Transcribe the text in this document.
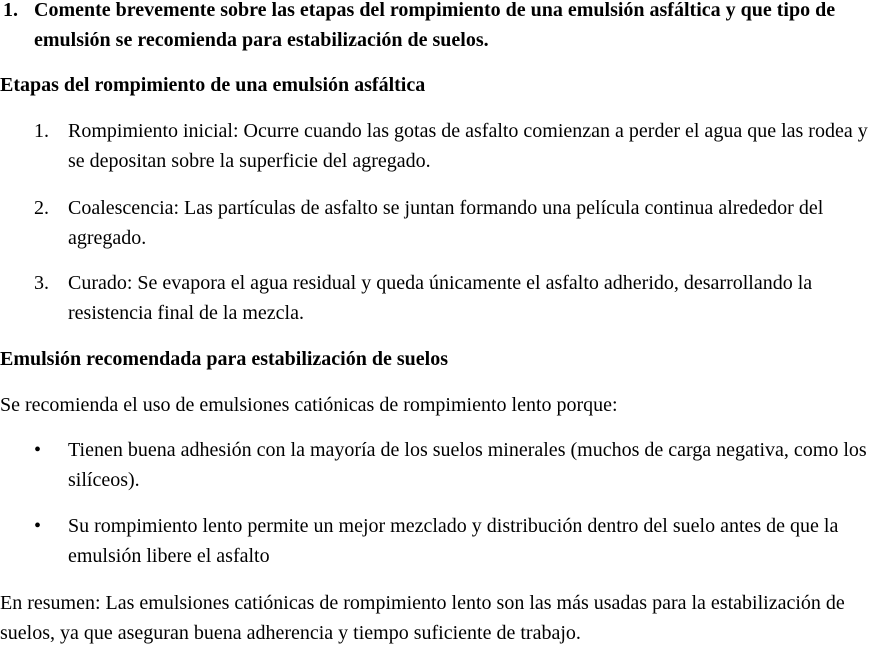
1. Comente brevemente sobre las etapas del rompimiento de una emulsión asfáltica y que tipo de emulsión se recomienda para estabilización de suelos.
Etapas del rompimiento de una emulsión asfáltica
1. Rompimiento inicial: Ocurre cuando las gotas de asfalto comienzan a perder el agua que las rodea y se depositan sobre la superficie del agregado.
2. Coalescencia: Las partículas de asfalto se juntan formando una película continua alrededor del agregado.
3. Curado: Se evapora el agua residual y queda únicamente el asfalto adherido, desarrollando la resistencia final de la mezcla.
Emulsión recomendada para estabilización de suelos
Se recomienda el uso de emulsiones catiónicas de rompimiento lento porque:
• Tienen buena adhesión con la mayoría de los suelos minerales (muchos de carga negativa, como los silíceos).
• Su rompimiento lento permite un mejor mezclado y distribución dentro del suelo antes de que la emulsión libere el asfalto
En resumen: Las emulsiones catiónicas de rompimiento lento son las más usadas para la estabilización de suelos, ya que aseguran buena adherencia y tiempo suficiente de trabajo.
